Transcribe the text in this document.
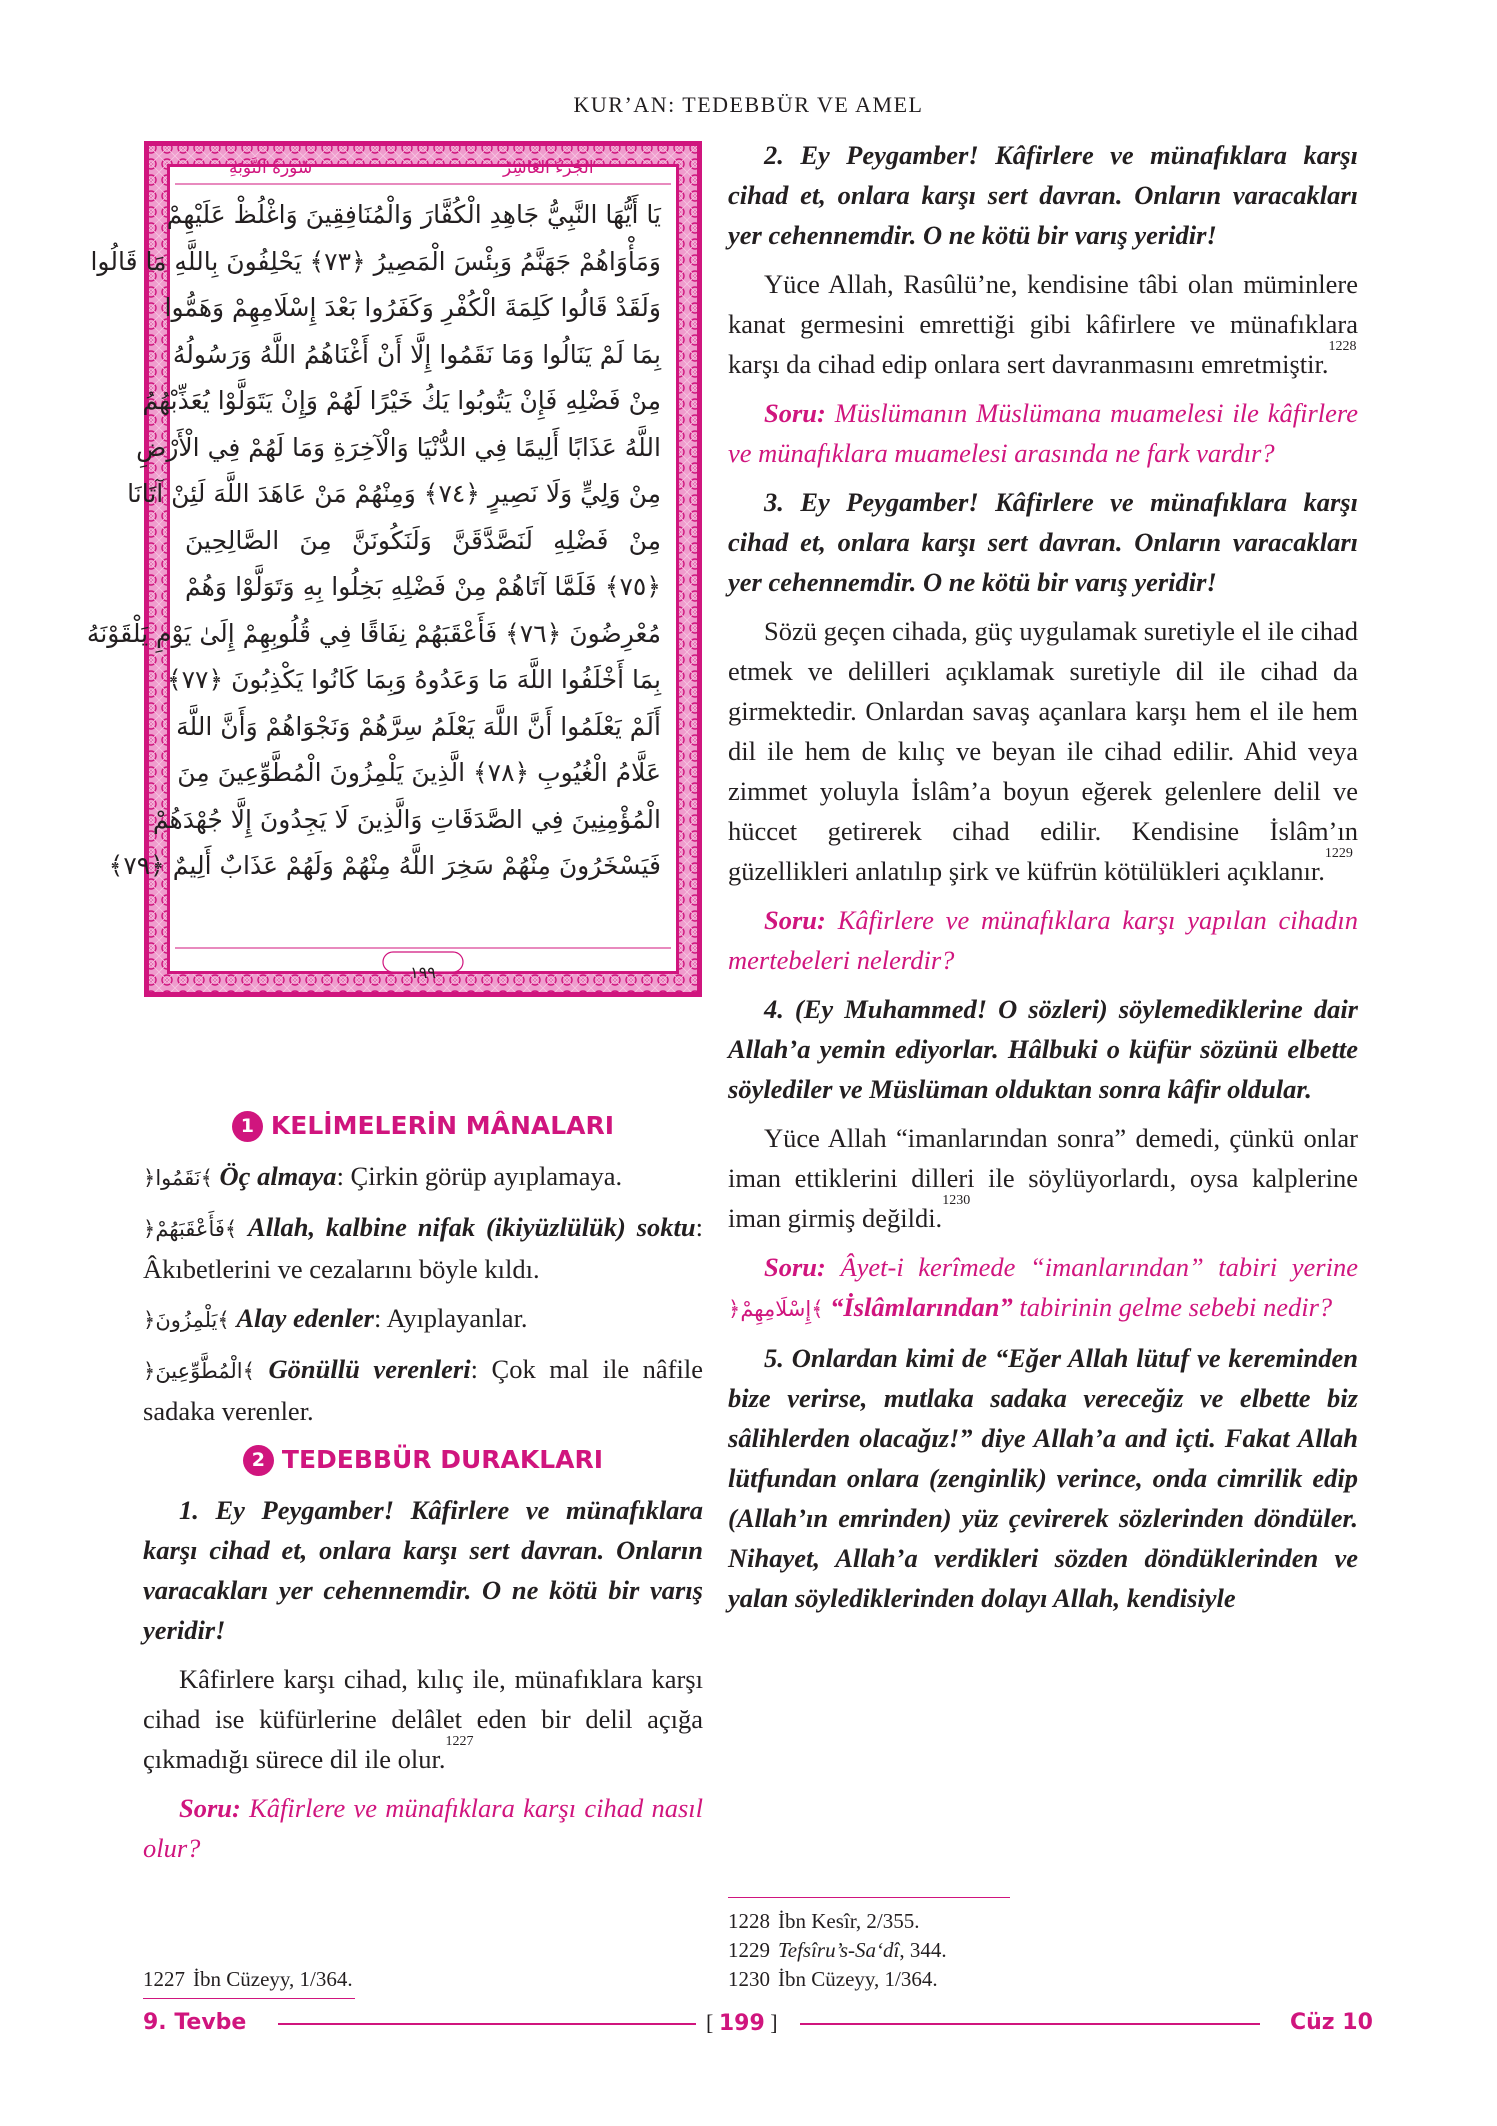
KUR’AN: TEDEBBÜR VE AMEL
سُورَةُ التَّوبَةِ	الجُزءُ العَاشِرُ
يَا أَيُّهَا النَّبِيُّ جَاهِدِ الْكُفَّارَ وَالْمُنَافِقِينَ وَاغْلُظْ عَلَيْهِمْ
وَمَأْوَاهُمْ جَهَنَّمُ وَبِئْسَ الْمَصِيرُ ﴿٧٣﴾ يَحْلِفُونَ بِاللَّهِ مَا قَالُوا
وَلَقَدْ قَالُوا كَلِمَةَ الْكُفْرِ وَكَفَرُوا بَعْدَ إِسْلَامِهِمْ وَهَمُّوا
بِمَا لَمْ يَنَالُوا وَمَا نَقَمُوا إِلَّا أَنْ أَغْنَاهُمُ اللَّهُ وَرَسُولُهُ
مِنْ فَضْلِهِ فَإِنْ يَتُوبُوا يَكُ خَيْرًا لَهُمْ وَإِنْ يَتَوَلَّوْا يُعَذِّبْهُمُ
اللَّهُ عَذَابًا أَلِيمًا فِي الدُّنْيَا وَالْآخِرَةِ وَمَا لَهُمْ فِي الْأَرْضِ
مِنْ وَلِيٍّ وَلَا نَصِيرٍ ﴿٧٤﴾ وَمِنْهُمْ مَنْ عَاهَدَ اللَّهَ لَئِنْ آتَانَا
مِنْ فَضْلِهِ لَنَصَّدَّقَنَّ وَلَنَكُونَنَّ مِنَ الصَّالِحِينَ
﴿٧٥﴾ فَلَمَّا آتَاهُمْ مِنْ فَضْلِهِ بَخِلُوا بِهِ وَتَوَلَّوْا وَهُمْ
مُعْرِضُونَ ﴿٧٦﴾ فَأَعْقَبَهُمْ نِفَاقًا فِي قُلُوبِهِمْ إِلَىٰ يَوْمِ يَلْقَوْنَهُ
بِمَا أَخْلَفُوا اللَّهَ مَا وَعَدُوهُ وَبِمَا كَانُوا يَكْذِبُونَ ﴿٧٧﴾
أَلَمْ يَعْلَمُوا أَنَّ اللَّهَ يَعْلَمُ سِرَّهُمْ وَنَجْوَاهُمْ وَأَنَّ اللَّهَ
عَلَّامُ الْغُيُوبِ ﴿٧٨﴾ الَّذِينَ يَلْمِزُونَ الْمُطَّوِّعِينَ مِنَ
الْمُؤْمِنِينَ فِي الصَّدَقَاتِ وَالَّذِينَ لَا يَجِدُونَ إِلَّا جُهْدَهُمْ
فَيَسْخَرُونَ مِنْهُمْ سَخِرَ اللَّهُ مِنْهُمْ وَلَهُمْ عَذَابٌ أَلِيمٌ ﴿٧٩﴾
١٩٩
1 KELİMELERİN MÂNALARI

﴿نَقَمُوا﴾ Öç almaya: Çirkin görüp ayıplamaya.

﴿فَأَعْقَبَهُمْ﴾ Allah, kalbine nifak (ikiyüzlülük) soktu: Âkıbetlerini ve cezalarını böyle kıldı.

﴿يَلْمِزُونَ﴾ Alay edenler: Ayıplayanlar.

﴿الْمُطَّوِّعِينَ﴾ Gönüllü verenleri: Çok mal ile nâfile sadaka verenler.

2 TEDEBBÜR DURAKLARI

1. Ey Peygamber! Kâfirlere ve münafıklara karşı cihad et, onlara karşı sert davran. Onların varacakları yer cehennemdir. O ne kötü bir varış yeridir!

Kâfirlere karşı cihad, kılıç ile, münafıklara karşı cihad ise küfürlerine delâlet eden bir delil açığa çıkmadığı sürece dil ile olur.$^{1227}$

Soru: Kâfirlere ve münafıklara karşı cihad nasıl olur?

1227 İbn Cüzeyy, 1/364.

2. Ey Peygamber! Kâfirlere ve münafıklara karşı cihad et, onlara karşı sert davran. Onların varacakları yer cehennemdir. O ne kötü bir varış yeridir!

Yüce Allah, Rasûlü’ne, kendisine tâbi olan müminlere kanat germesini emrettiği gibi kâfirlere ve münafıklara karşı da cihad edip onlara sert davranmasını emretmiştir.$^{1228}$

Soru: Müslümanın Müslümana muamelesi ile kâfirlere ve münafıklara muamelesi arasında ne fark vardır?

3. Ey Peygamber! Kâfirlere ve münafıklara karşı cihad et, onlara karşı sert davran. Onların varacakları yer cehennemdir. O ne kötü bir varış yeridir!

Sözü geçen cihada, güç uygulamak suretiyle el ile cihad etmek ve delilleri açıklamak suretiyle dil ile cihad da girmektedir. Onlardan savaş açanlara karşı hem el ile hem dil ile hem de kılıç ve beyan ile cihad edilir. Ahid veya zimmet yoluyla İslâm’a boyun eğerek gelenlere delil ve hüccet getirerek cihad edilir. Kendisine İslâm’ın güzellikleri anlatılıp şirk ve küfrün kötülükleri açıklanır.$^{1229}$

Soru: Kâfirlere ve münafıklara karşı yapılan cihadın mertebeleri nelerdir?

4. (Ey Muhammed! O sözleri) söylemediklerine dair Allah’a yemin ediyorlar. Hâlbuki o küfür sözünü elbette söylediler ve Müslüman olduktan sonra kâfir oldular.

Yüce Allah “imanlarından sonra” demedi, çünkü onlar iman ettiklerini dilleri ile söylüyorlardı, oysa kalplerine iman girmiş değildi.$^{1230}$

Soru: Âyet-i kerîmede “imanlarından” tabiri yerine ﴿إِسْلَامِهِمْ﴾ “İslâmlarından” tabirinin gelme sebebi nedir?

5. Onlardan kimi de “Eğer Allah lütuf ve kereminden bize verirse, mutlaka sadaka vereceğiz ve elbette biz sâlihlerden olacağız!” diye Allah’a and içti. Fakat Allah lütfundan onlara (zenginlik) verince, onda cimrilik edip (Allah’ın emrinden) yüz çevirerek sözlerinden döndüler. Nihayet, Allah’a verdikleri sözden döndüklerinden ve yalan söylediklerinden dolayı Allah, kendisiyle

1228 İbn Kesîr, 2/355.
1229 Tefsîru’s-Sa‘dî, 344.
1230 İbn Cüzeyy, 1/364.
9. Tevbe	[ 199 ]	Cüz 10
